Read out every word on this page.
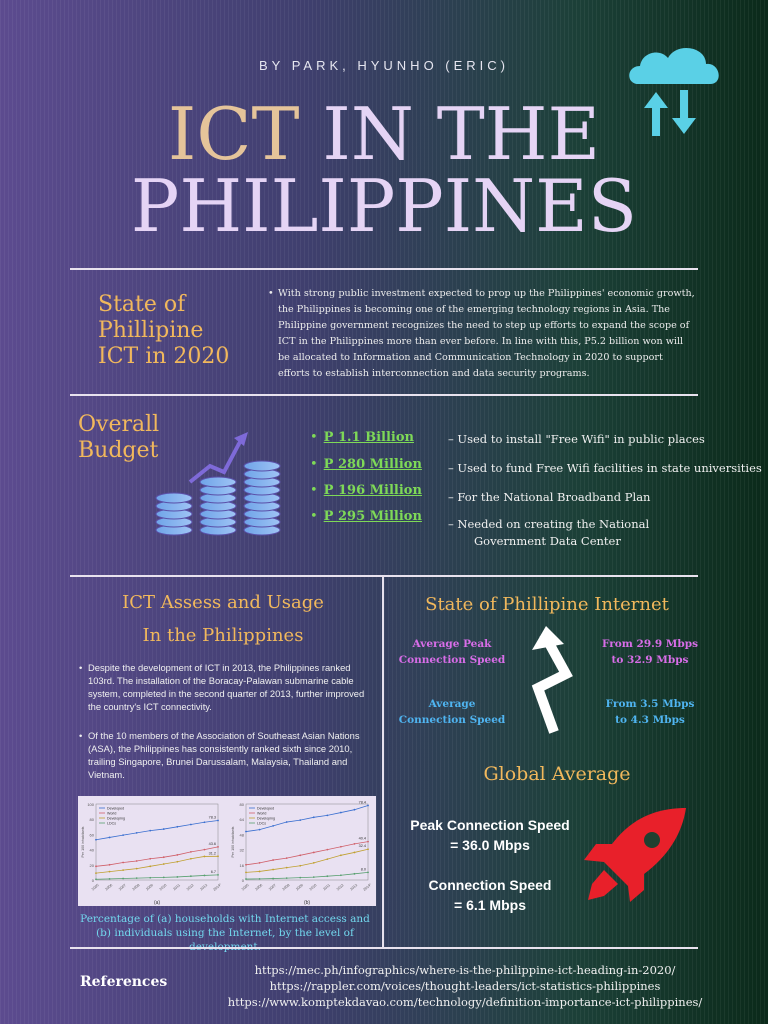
BY PARK, HYUNHO (ERIC)
ICT IN THE
PHILIPPINES
State of
Phillipine
ICT in 2020
• With strong public investment expected to prop up the Philippines' economic growth, the Philippines is becoming one of the emerging technology regions in Asia. The Philippine government recognizes the need to step up efforts to expand the scope of ICT in the Philippines more than ever before. In line with this, P5.2 billion won will be allocated to Information and Communication Technology in 2020 to support efforts to establish interconnection and data security programs.
Overall
Budget
• P 1.1 Billion
• P 280 Million
• P 196 Million
• P 295 Million
– Used to install "Free Wifi" in public places
– Used to fund Free Wifi facilities in state universities
– For the National Broadband Plan
– Needed on creating the National
Government Data Center
ICT Assess and Usage
In the Philippines
• Despite the development of ICT in 2013, the Philippines ranked 103rd. The installation of the Boracay-Palawan submarine cable system, completed in the second quarter of 2013, further improved the country's ICT connectivity.
• Of the 10 members of the Association of Southeast Asian Nations (ASA), the Philippines has consistently ranked sixth since 2010, trailing Singapore, Brunei Darussalam, Malaysia, Thailand and Vietnam.
0
20
40
60
80
100
2005 2006 2007 2008 2009 2010 2011 2012 2013 2014*
Per 100 inhabitants
(a)
78.3
Developed
43.6
World
31.2
Developing
6.7
LDCs
0
16
32
48
64
80
2005 2006 2007 2008 2009 2010 2011 2012 2013 2014*
Per 100 inhabitants
(b)
78.4
Developed
40.4
World
32.4
Developing
8.0
LDCs
Percentage of (a) households with Internet access and (b) individuals using the Internet, by the level of
State of Phillipine Internet
Average Peak
Connection Speed
From 29.9 Mbps
to 32.9 Mbps
Average
Connection Speed
From 3.5 Mbps
to 4.3 Mbps
Global Average
Peak Connection Speed
= 36.0 Mbps
Connection Speed
= 6.1 Mbps
References
https://mec.ph/infographics/where-is-the-philippine-ict-heading-in-2020/
https://rappler.com/voices/thought-leaders/ict-statistics-philippines
https://www.komptekdavao.com/technology/definition-importance-ict-philippines/
